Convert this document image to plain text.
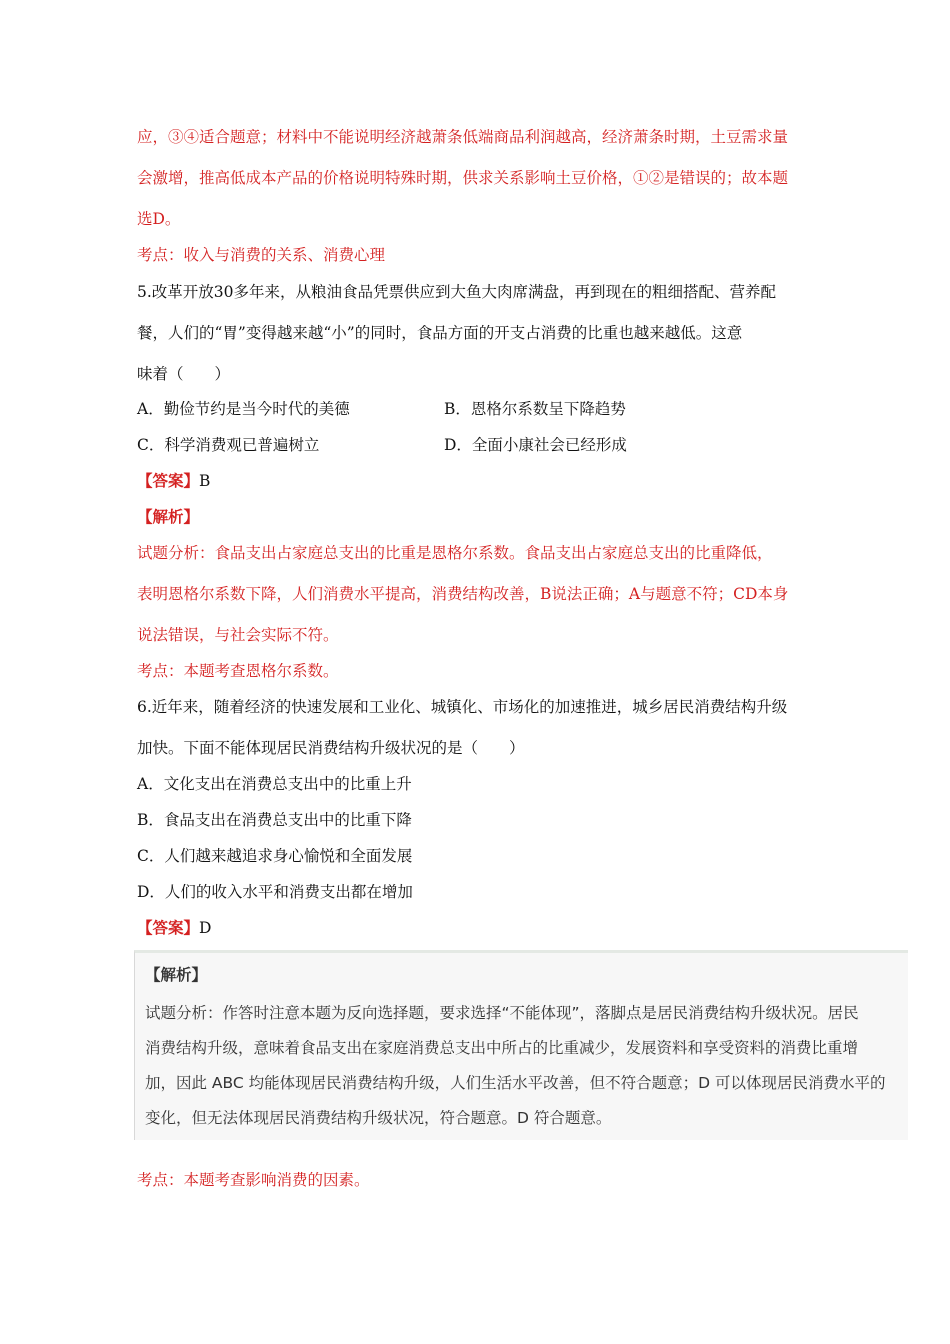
应，③④适合题意；材料中不能说明经济越萧条低端商品利润越高，经济萧条时期，土豆需求量
会激增，推高低成本产品的价格说明特殊时期，供求关系影响土豆价格，①②是错误的；故本题
选D。
考点：收入与消费的关系、消费心理
5.改革开放30多年来，从粮油食品凭票供应到大鱼大肉席满盘，再到现在的粗细搭配、营养配
餐，人们的“胃”变得越来越“小”的同时，食品方面的开支占消费的比重也越来越低。这意
味着（　　）
A．勤俭节约是当今时代的美德	B．恩格尔系数呈下降趋势
C．科学消费观已普遍树立	D．全面小康社会已经形成
【答案】B
【解析】
试题分析：食品支出占家庭总支出的比重是恩格尔系数。食品支出占家庭总支出的比重降低，
表明恩格尔系数下降，人们消费水平提高，消费结构改善，B说法正确；A与题意不符；CD本身
说法错误，与社会实际不符。
考点：本题考查恩格尔系数。
6.近年来，随着经济的快速发展和工业化、城镇化、市场化的加速推进，城乡居民消费结构升级
加快。下面不能体现居民消费结构升级状况的是（　　）
A．文化支出在消费总支出中的比重上升
B．食品支出在消费总支出中的比重下降
C．人们越来越追求身心愉悦和全面发展
D．人们的收入水平和消费支出都在增加
【答案】D
【解析】
试题分析：作答时注意本题为反向选择题，要求选择“不能体现”，落脚点是居民消费结构升级状况。居民
消费结构升级，意味着食品支出在家庭消费总支出中所占的比重减少，发展资料和享受资料的消费比重增
加，因此 ABC 均能体现居民消费结构升级，人们生活水平改善，但不符合题意；D 可以体现居民消费水平的
变化，但无法体现居民消费结构升级状况，符合题意。D 符合题意。
考点：本题考查影响消费的因素。
